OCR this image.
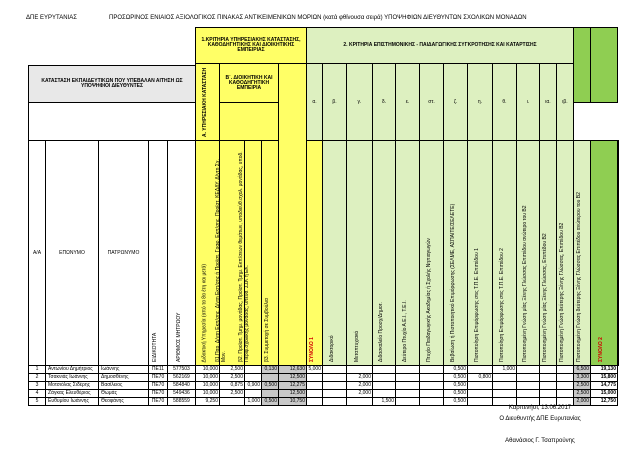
ΔΠΕ ΕΥΡΥΤΑΝΙΑΣ	ΠΡΟΣΩΡΙΝΟΣ ΕΝΙΑΙΟΣ ΑΞΙΟΛΟΓΙΚΟΣ ΠΙΝΑΚΑΣ ΑΝΤΙΚΕΙΜΕΝΙΚΩΝ ΜΟΡΙΩΝ (κατά φθίνουσα σειρά) ΥΠΟΨΗΦΙΩΝ ΔΙΕΥΘΥΝΤΩΝ ΣΧΟΛΙΚΩΝ ΜΟΝΑΔΩΝ
					1.ΚΡΙΤΗΡΙΑ ΥΠΗΡΕΣΙΑΚΗΣ ΚΑΤΑΣΤΑΣΗΣ, ΚΑΘΟΔΗΓΗΤΙΚΗΣ ΚΑΙ ΔΙΟΙΚΗΤΙΚΗΣ ΕΜΠΕΙΡΙΑΣ					2. ΚΡΙΤΗΡΙΑ ΕΠΙΣΤΗΜΟΝΙΚΗΣ - ΠΑΙΔΑΓΩΓΙΚΗΣ ΣΥΓΚΡΟΤΗΣΗΣ ΚΑΙ ΚΑΤΑΡΤΙΣΗΣ														

					Α. ΥΠΗΡΕΣΙΑΚΗ ΚΑΤΑΣΤΑΣΗ	Β΄. ΔΙΟΙΚΗΤΙΚΗ ΚΑΙ ΚΑΘΟΔΗΓΗΤΙΚΗ ΕΜΠΕΙΡΙΑ				α.	β.	γ.	δ.	ε.	στ.	ζ.	η.	θ.	ι.	ια.	ιβ.			
ΚΑΤΑΣΤΑΣΗ ΕΚΠΑΙΔΕΥΤΙΚΩΝ ΠΟΥ ΥΠΕΒΑΛΑΝ ΑΙΤΗΣΗ ΩΣ ΥΠΟΨΗΦΙΟΙ ΔΙΕΥΘΥΝΤΕΣ																								

Α/Α	ΕΠΩΝΥΜΟ	ΠΑΤΡΩΝΥΜΟ	ΕΙΔΙΚΟΤΗΤΑ	ΑΡΙΘΜΟΣ ΜΗΤΡΩΟΥ	Διδακτική Υπηρεσία (από τα 8α έτη και μετά)	β1.Παρ. Δ/ντη Εκπ/σης, Δ/ντη Εκπ/σης ή Προϊστ. Γραφ. Εκπ/σης, Προϊστ. ΚΕΔΔΥ, Δ/ντη Σχ. Μον.	β2. Προϊστ. Τμημ. μονάδας, Προϊστ. Τμημ. Εκπ/σεων θεμάτων, υποδιεύθ.σχολ. μονάδας, υποδ. Περιφ.σχολικής μονάδας, υπευθ. ΣΣΚ ή ΕΚ.	β3. Συμμετοχή σε Συμβούλια		ΣΥΝΟΛΟ 1	Διδακτορικό	Μεταπτυχιακό	Διδασκαλείο Προσχ/Δημοτ.	Δεύτερο Πτυχίο Α.Ε.Ι., Τ.Ε.Ι.	Πτυχίο Παιδαγωγικής Ακαδημίας ή Σχολής Νηπιαγωγών	Βεβαίωση ή Πιστοποιητικό Επιμόρφωσης (ΣΕΛΜΕ, ΑΣΠΑΙΤΕ/ΣΕΛΕΤΕ)	Πιστοποίηση Επιμόρφωσης στις Τ.Π.Ε. Επιπέδου 1	Πιστοποίηση Επιμόρφωσης στις Τ.Π.Ε. Επιπέδου 2	Πιστοποιημένη Γνώση μίας Ξένης Γλώσσας Επιπέδου ανώτερο του Β2	Πιστοποιημένη Γνώση μίας Ξένης Γλώσσας, Επιπέδου Β2	Πιστοποιημένη Γνώση δεύτερης Ξένης Γλώσσας, Επιπέδου Β2	Πιστοποιημένη Γνώση δεύτερης Ξένης Γλώσσας Επιπέδου ανώτερου του Β2	ΣΥΝΟΛΟ 2

1	Αντωνίου Δημήτριος	Ιωάννης	ΠΕ11	577503	10,000	2,500		0,130	12,630	5,000						0,500		1,000				6,500	19,130	
2	Τσακνιάς Ιωάννης	Δημοσθένης	ΠΕ70	562169	10,000	2,500			12,500			2,000				0,500	0,800					3,300	15,800	
3	Μοτσιόλας Σιδέρης	Βασίλειος	ΠΕ70	584840	10,000	0,875	0,900	0,500	12,275			2,000				0,500						2,500	14,775	
4	Ζάγκας Ελευθέριος	Θωμάς	ΠΕ70	549436	10,000	2,500			12,500			2,000				0,500						2,500	15,000	
5	Ευθυμίου Ιωάννης	Θεοφάνης	ΠΕ70	588559	9,250		1,000	0,500	10,750				1,500			0,500						2,000	12,750	
Καρπενήσι, 13.06.2017
Ο Διευθυντής ΔΠΕ Ευρυτανίας
Αθανάσιος Γ. Τσαπρούνης
